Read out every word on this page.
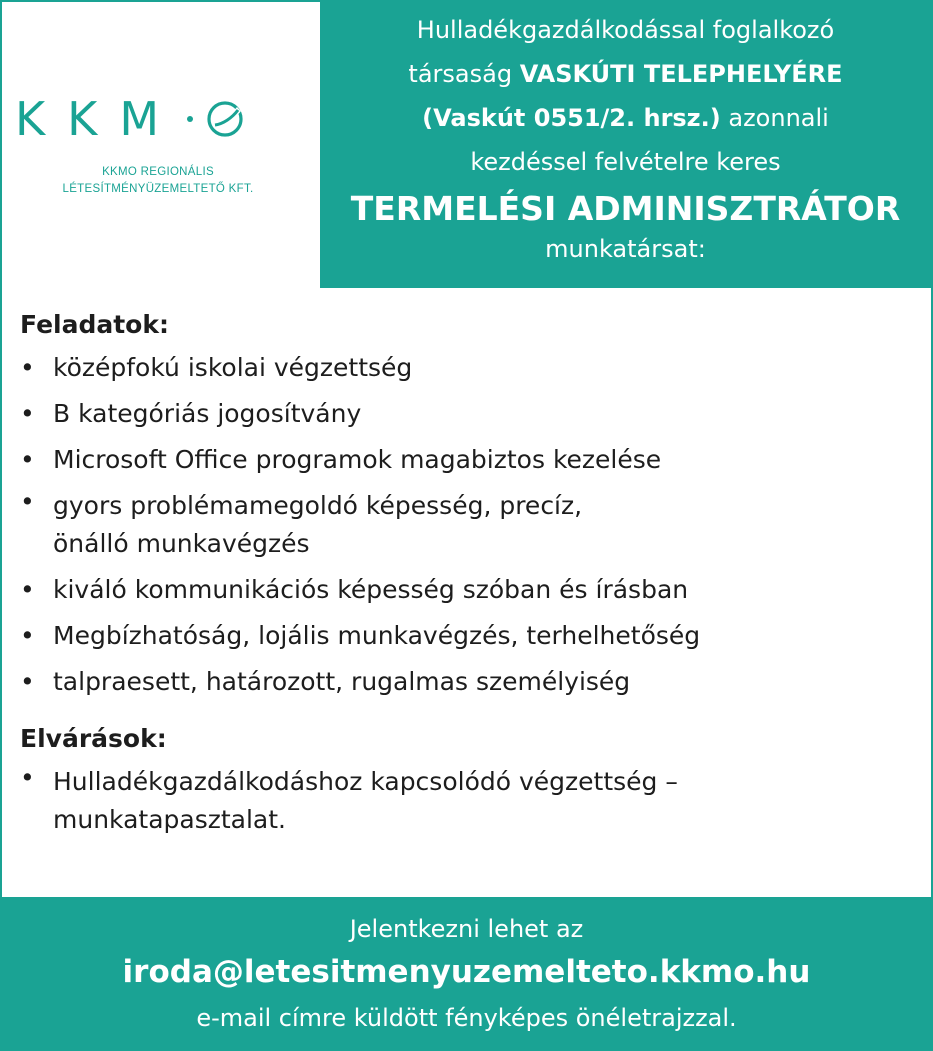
KKM
KKMO REGIONÁLIS
LÉTESÍTMÉNYÜZEMELTETŐ KFT.
Hulladékgazdálkodással foglalkozó
társaság VASKÚTI TELEPHELYÉRE
(Vaskút 0551/2. hrsz.) azonnali
kezdéssel felvételre keres
TERMELÉSI ADMINISZTRÁTOR
munkatársat:
Feladatok:
• középfokú iskolai végzettség
• B kategóriás jogosítvány
• Microsoft Office programok magabiztos kezelése
• gyors problémamegoldó képesség, precíz,
önálló munkavégzés
• kiváló kommunikációs képesség szóban és írásban
• Megbízhatóság, lojális munkavégzés, terhelhetőség
• talpraesett, határozott, rugalmas személyiség
Elvárások:
• Hulladékgazdálkodáshoz kapcsolódó végzettség –
munkatapasztalat.
Jelentkezni lehet az
iroda@letesitmenyuzemelteto.kkmo.hu
e-mail címre küldött fényképes önéletrajzzal.
